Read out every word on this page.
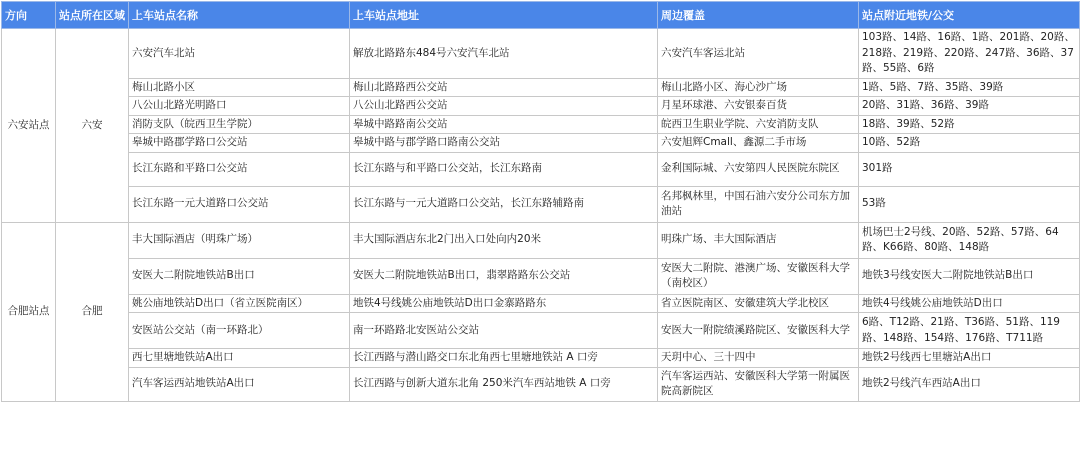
方向	站点所在区域	上车站点名称	上车站点地址	周边覆盖	站点附近地铁/公交
六安站点	六安	六安汽车北站	解放北路路东484号六安汽车北站	六安汽车客运北站	103路、14路、16路、1路、201路、20路、218路、219路、220路、247路、36路、37路、55路、6路
		梅山北路小区	梅山北路路西公交站	梅山北路小区、海心沙广场	1路、5路、7路、35路、39路
		八公山北路光明路口	八公山北路西公交站	月星环球港、六安银泰百货	20路、31路、36路、39路
		消防支队（皖西卫生学院）	皋城中路路南公交站	皖西卫生职业学院、六安消防支队	18路、39路、52路
		皋城中路郡学路口公交站	皋城中路与郡学路口路南公交站	六安旭辉Cmall、鑫源二手市场	10路、52路
		长江东路和平路口公交站	长江东路与和平路口公交站，长江东路南	金利国际城、六安第四人民医院东院区	301路
		长江东路一元大道路口公交站	长江东路与一元大道路口公交站，长江东路辅路南	名邦枫林里，中国石油六安分公司东方加油站	53路
合肥站点	合肥	丰大国际酒店（明珠广场）	丰大国际酒店东北2门出入口处向内20米	明珠广场、丰大国际酒店	机场巴士2号线、20路、52路、57路、64路、K66路、80路、148路
		安医大二附院地铁站B出口	安医大二附院地铁站B出口，翡翠路路东公交站	安医大二附院、港澳广场、安徽医科大学（南校区）	地铁3号线安医大二附院地铁站B出口
		姚公庙地铁站D出口（省立医院南区）	地铁4号线姚公庙地铁站D出口金寨路路东	省立医院南区、安徽建筑大学北校区	地铁4号线姚公庙地铁站D出口
		安医站公交站（南一环路北）	南一环路路北安医站公交站	安医大一附院绩溪路院区、安徽医科大学	6路、T12路、21路、T36路、51路、119路、148路、154路、176路、T711路
		西七里塘地铁站A出口	长江西路与潜山路交口东北角西七里塘地铁站 A 口旁	天玥中心、三十四中	地铁2号线西七里塘站A出口
		汽车客运西站地铁站A出口	长江西路与创新大道东北角 250米汽车西站地铁 A 口旁	汽车客运西站、安徽医科大学第一附属医院高新院区	地铁2号线汽车西站A出口
